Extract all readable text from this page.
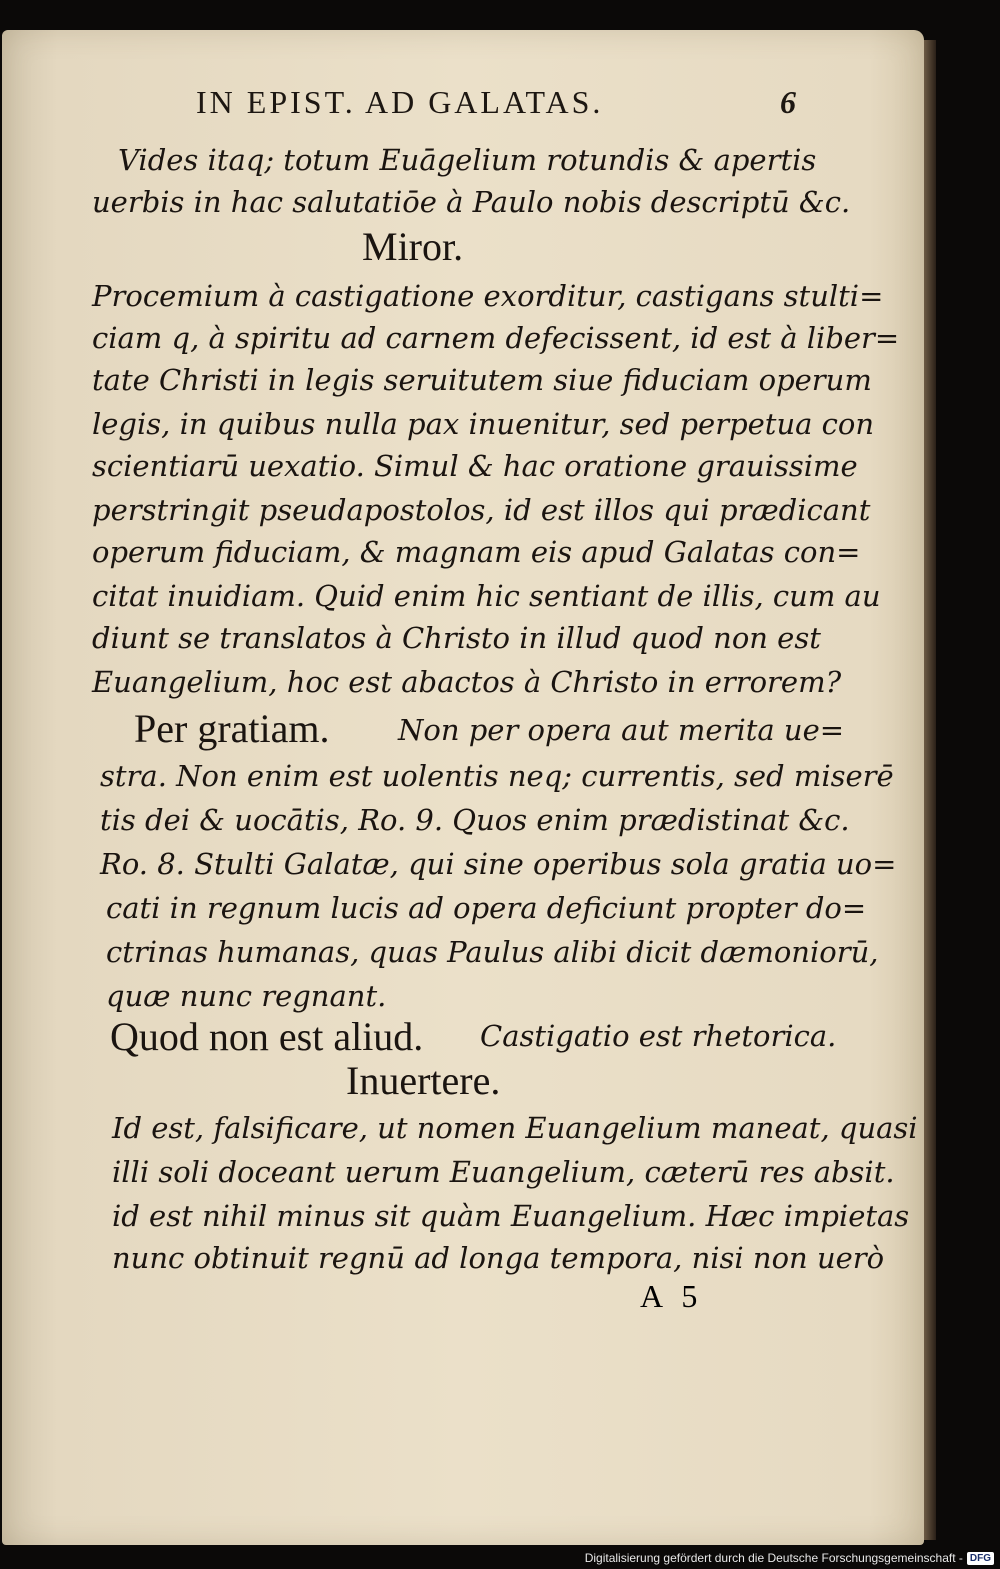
IN EPIST. AD GALATAS.	6
Vides itaq; totum Euāgelium rotundis & apertis
uerbis in hac salutatiōe à Paulo nobis descriptū &c.
Miror.
Procemium à castigatione exorditur, castigans stulti=
ciam q, à spiritu ad carnem defecissent, id est à liber=
tate Christi in legis seruitutem siue fiduciam operum
legis, in quibus nulla pax inuenitur, sed perpetua con
scientiarū uexatio. Simul & hac oratione grauissime
perstringit pseudapostolos, id est illos qui prædicant
operum fiduciam, & magnam eis apud Galatas con=
citat inuidiam. Quid enim hic sentiant de illis, cum au
diunt se translatos à Christo in illud quod non est
Euangelium, hoc est abactos à Christo in errorem?
Per gratiam. Non per opera aut merita ue=
stra. Non enim est uolentis neq; currentis, sed miserē
tis dei & uocātis, Ro. 9. Quos enim prædistinat &c.
Ro. 8. Stulti Galatæ, qui sine operibus sola gratia uo=
cati in regnum lucis ad opera deficiunt propter do=
ctrinas humanas, quas Paulus alibi dicit dæmoniorū,
quæ nunc regnant.
Quod non est aliud. Castigatio est rhetorica.
Inuertere.
Id est, falsificare, ut nomen Euangelium maneat, quasi
illi soli doceant uerum Euangelium, cæterū res absit.
id est nihil minus sit quàm Euangelium. Hæc impietas
nunc obtinuit regnū ad longa tempora, nisi non uerò
A 5
Digitalisierung gefördert durch die Deutsche Forschungsgemeinschaft - DFG
